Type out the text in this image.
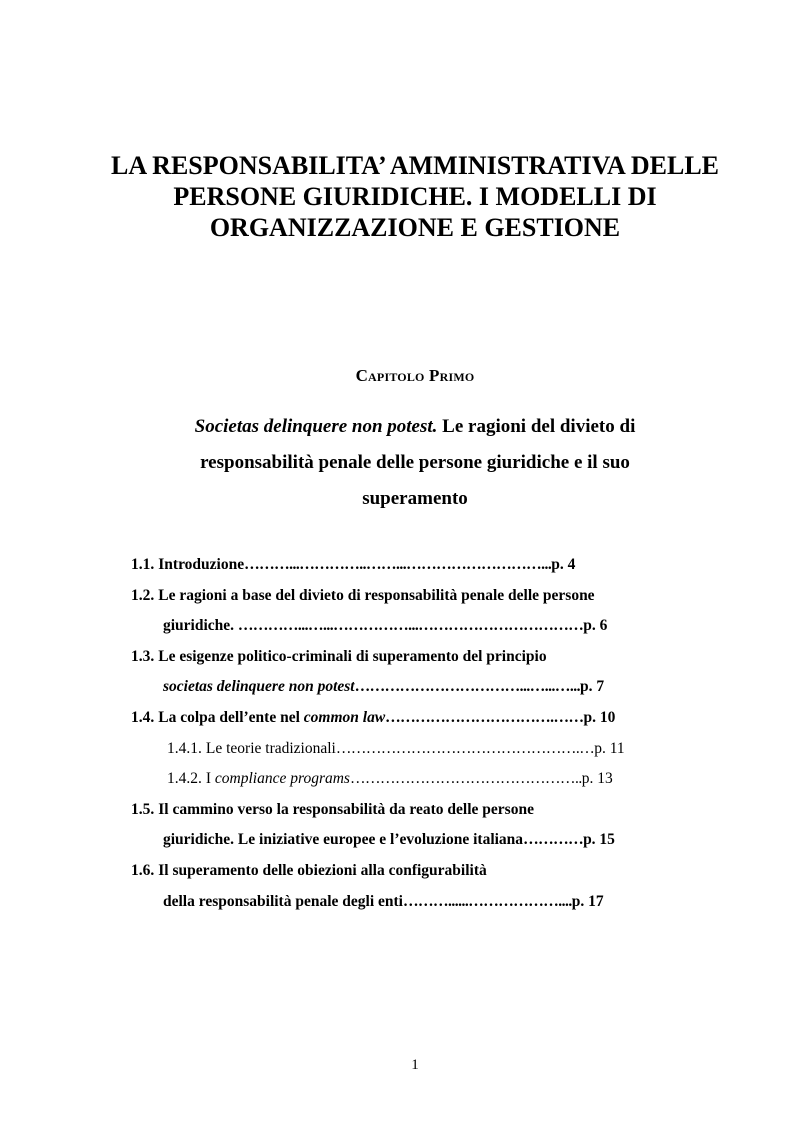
LA RESPONSABILITA’ AMMINISTRATIVA DELLE
PERSONE GIURIDICHE. I MODELLI DI
ORGANIZZAZIONE E GESTIONE
Capitolo Primo
Societas delinquere non potest. Le ragioni del divieto di
responsabilità penale delle persone giuridiche e il suo
superamento
1.1. Introduzione………...…………..……...………………………...p. 4
1.2. Le ragioni a base del divieto di responsabilità penale delle persone
giuridiche. …………...…...……………...……………………………p. 6
1.3. Le esigenze politico-criminali di superamento del principio
societas delinquere non potest……………………………...…...…...p. 7
1.4. La colpa dell’ente nel common law…………………………….……p. 10
1.4.1. Le teorie tradizionali………………………………………….…p. 11
1.4.2. I compliance programs………………………………………..p. 13
1.5. Il cammino verso la responsabilità da reato delle persone
giuridiche. Le iniziative europee e l’evoluzione italiana…………p. 15
1.6. Il superamento delle obiezioni alla configurabilità
della responsabilità penale degli enti………......………………....p. 17
1
